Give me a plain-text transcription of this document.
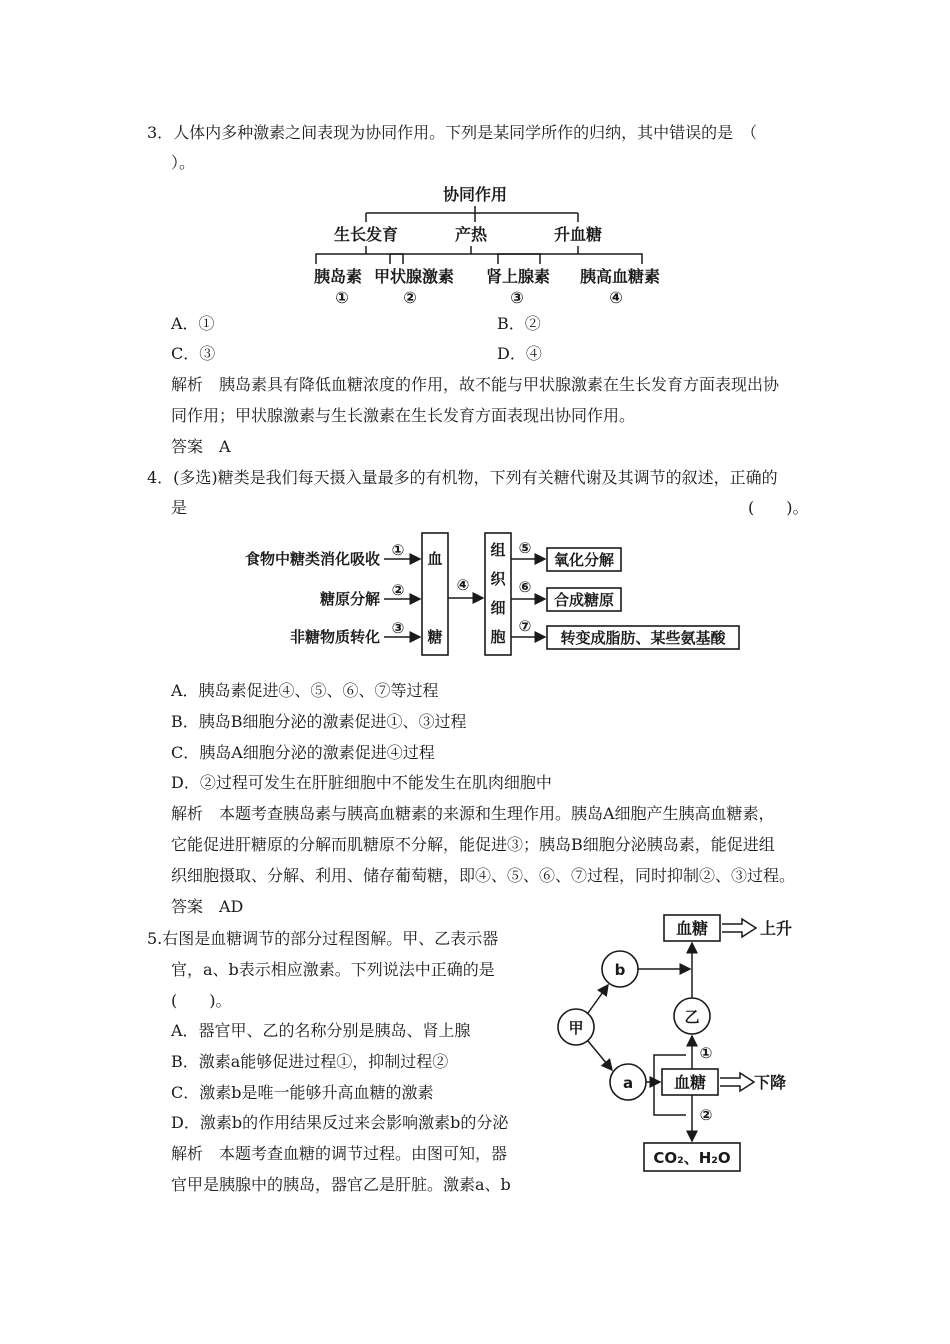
3．人体内多种激素之间表现为协同作用。下列是某同学所作的归纳，其中错误的是　（
）。
协同作用
生长发育	产热	升血糖
胰岛素 甲状腺激素 肾上腺素 胰高血糖素
①	②	③	④
A．①	B．②
C．③	D．④
解析　胰岛素具有降低血糖浓度的作用，故不能与甲状腺激素在生长发育方面表现出协
同作用；甲状腺激素与生长激素在生长发育方面表现出协同作用。
答案　A
4．(多选)糖类是我们每天摄入量最多的有机物，下列有关糖代谢及其调节的叙述，正确的
是	(　　)。
食物中糖类消化吸收
糖原分解
非糖物质转化
①
②
③
血
糖
④
组
织
细
胞
⑤
⑥
⑦
氧化分解
合成糖原
转变成脂肪、某些氨基酸
A．胰岛素促进④、⑤、⑥、⑦等过程
B．胰岛B细胞分泌的激素促进①、③过程
C．胰岛A细胞分泌的激素促进④过程
D．②过程可发生在肝脏细胞中不能发生在肌肉细胞中
解析　本题考查胰岛素与胰高血糖素的来源和生理作用。胰岛A细胞产生胰高血糖素，
它能促进肝糖原的分解而肌糖原不分解，能促进③；胰岛B细胞分泌胰岛素，能促进组
织细胞摄取、分解、利用、储存葡萄糖，即④、⑤、⑥、⑦过程，同时抑制②、③过程。
答案　AD
5.右图是血糖调节的部分过程图解。甲、乙表示器
官，a、b表示相应激素。下列说法中正确的是
(　　)。
A．器官甲、乙的名称分别是胰岛、肾上腺
B．激素a能够促进过程①，抑制过程②
C．激素b是唯一能够升高血糖的激素
D．激素b的作用结果反过来会影响激素b的分泌
解析　本题考查血糖的调节过程。由图可知，器
官甲是胰腺中的胰岛，器官乙是肝脏。激素a、b
血糖	上升
b
乙
甲
a	血糖	下降
①
②
CO₂、H₂O
